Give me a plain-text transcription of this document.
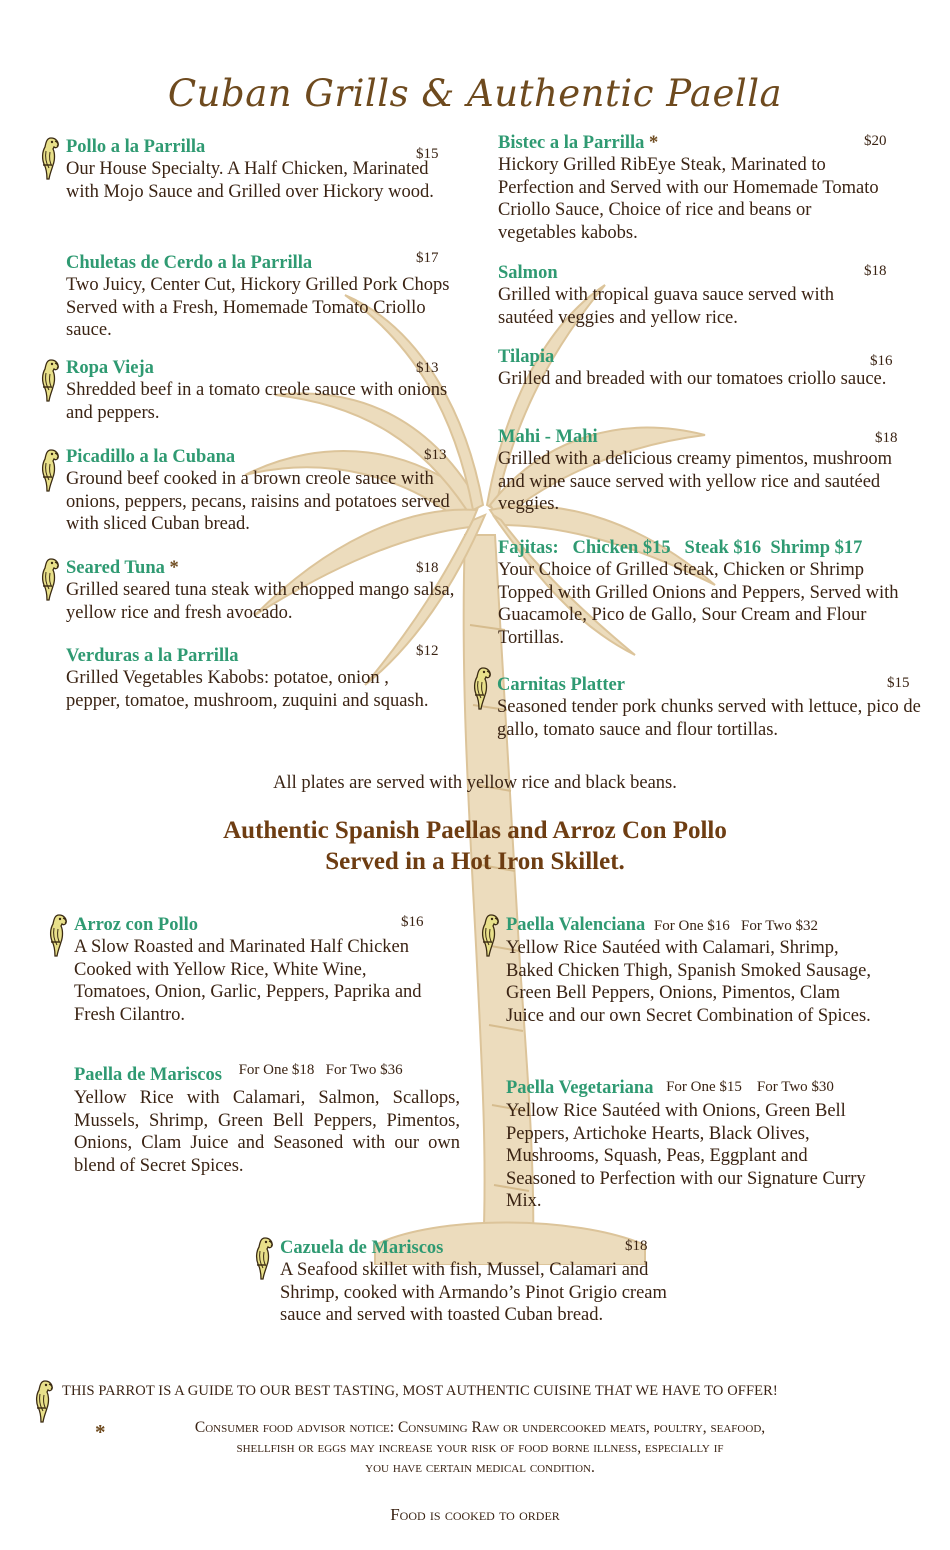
Cuban Grills & Authentic Paella
Pollo a la Parrilla	$15
Our House Specialty. A Half Chicken, Marinated with Mojo Sauce and Grilled over Hickory wood.
Chuletas de Cerdo a la Parrilla	$17
Two Juicy, Center Cut, Hickory Grilled Pork Chops Served with a Fresh, Homemade Tomato Criollo sauce.
Ropa Vieja	$13
Shredded beef in a tomato creole sauce with onions and peppers.
Picadillo a la Cubana	$13
Ground beef cooked in a brown creole sauce with onions, peppers, pecans, raisins and potatoes served with sliced Cuban bread.
Seared Tuna *	$18
Grilled seared tuna steak with chopped mango salsa, yellow rice and fresh avocado.
Verduras a la Parrilla	$12
Grilled Vegetables Kabobs: potatoe, onion , pepper, tomatoe, mushroom, zuquini and squash.
Bistec a la Parrilla *	$20
Hickory Grilled RibEye Steak, Marinated to Perfection and Served with our Homemade Tomato Criollo Sauce, Choice of rice and beans or vegetables kabobs.
Salmon	$18
Grilled with tropical guava sauce served with sautéed veggies and yellow rice.
Tilapia	$16
Grilled and breaded with our tomatoes criollo sauce.
Mahi - Mahi	$18
Grilled with a delicious creamy pimentos, mushroom and wine sauce served with yellow rice and sautéed veggies.
Fajitas:   Chicken $15   Steak $16  Shrimp $17
Your Choice of Grilled Steak, Chicken or Shrimp Topped with Grilled Onions and Peppers, Served with Guacamole, Pico de Gallo, Sour Cream and Flour Tortillas.
Carnitas Platter	$15
Seasoned tender pork chunks served with lettuce, pico de gallo, tomato sauce and flour tortillas.
All plates are served with yellow rice and black beans.
Authentic Spanish Paellas and Arroz Con Pollo
Served in a Hot Iron Skillet.
Arroz con Pollo	$16
A Slow Roasted and Marinated Half Chicken Cooked with Yellow Rice, White Wine, Tomatoes, Onion, Garlic, Peppers, Paprika and Fresh Cilantro.
Paella Valenciana For One $16   For Two $32
Yellow Rice Sautéed with Calamari, Shrimp, Baked Chicken Thigh, Spanish Smoked Sausage, Green Bell Peppers, Onions, Pimentos, Clam Juice and our own Secret Combination of Spices.
Paella de Mariscos $^{For One \$18 For Two \$36}$
Yellow Rice with Calamari, Salmon, Scallops, Mussels, Shrimp, Green Bell Peppers, Pimentos, Onions, Clam Juice and Seasoned with our own blend of Secret Spices.
Paella Vegetariana For One $15    For Two $30
Yellow Rice Sautéed with Onions, Green Bell Peppers, Artichoke Hearts, Black Olives, Mushrooms, Squash, Peas, Eggplant and Seasoned to Perfection with our Signature Curry Mix.
Cazuela de Mariscos	$18
A Seafood skillet with fish, Mussel, Calamari and Shrimp, cooked with Armando’s Pinot Grigio cream sauce and served with toasted Cuban bread.
THIS PARROT IS A GUIDE TO OUR BEST TASTING, MOST AUTHENTIC CUISINE THAT WE HAVE TO OFFER!
*	Consumer food advisor notice: Consuming Raw or undercooked meats, poultry, seafood,
shellfish or eggs may increase your risk of food borne illness, especially if
you have certain medical condition.
Food is cooked to order
